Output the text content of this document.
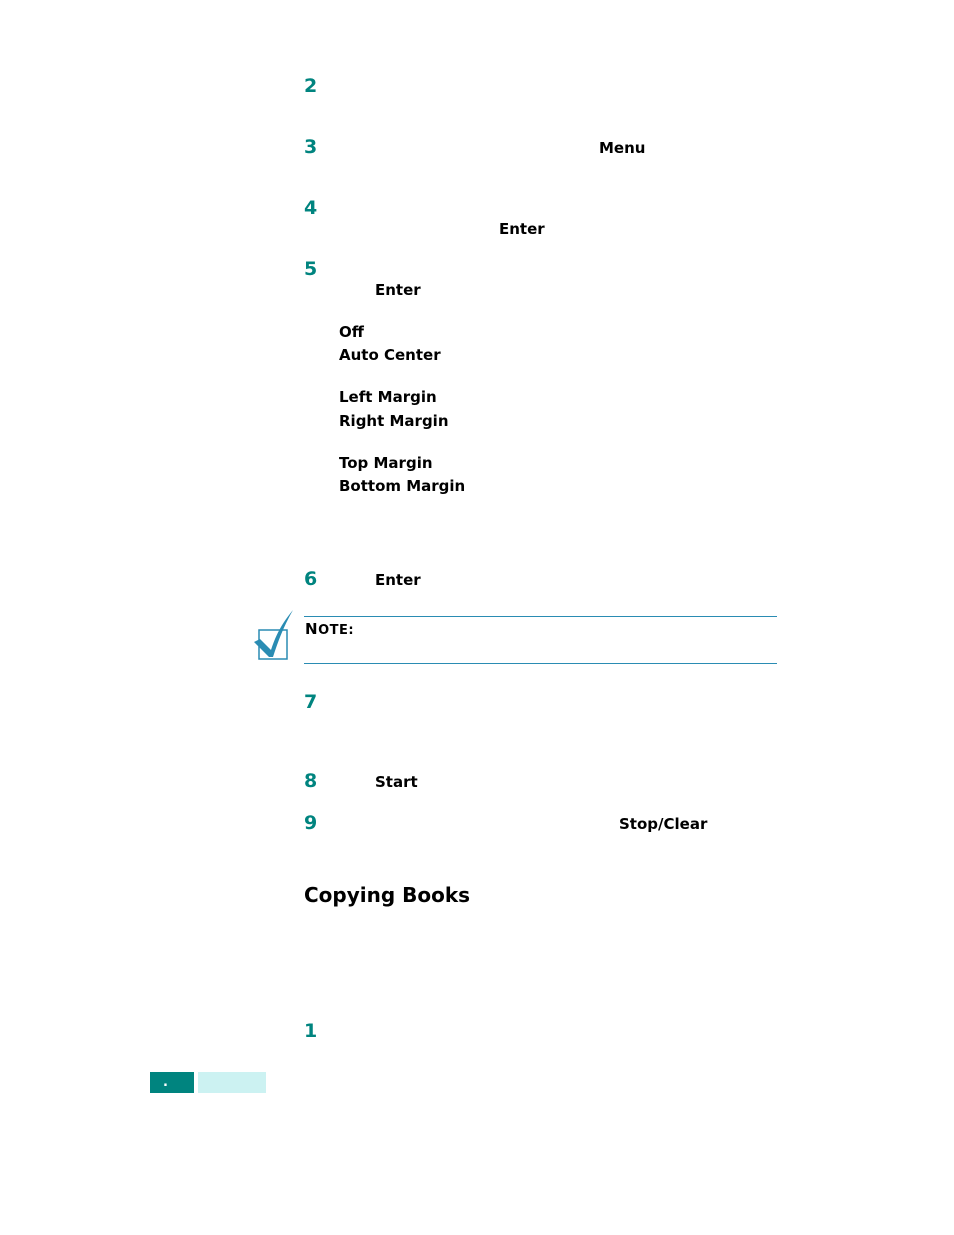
2
3	Menu
4
Enter
5
Enter
Off
Auto Center
Left Margin
Right Margin
Top Margin
Bottom Margin
6	Enter
NOTE:
7
8	Start
9	Stop/Clear
Copying Books
1
.
